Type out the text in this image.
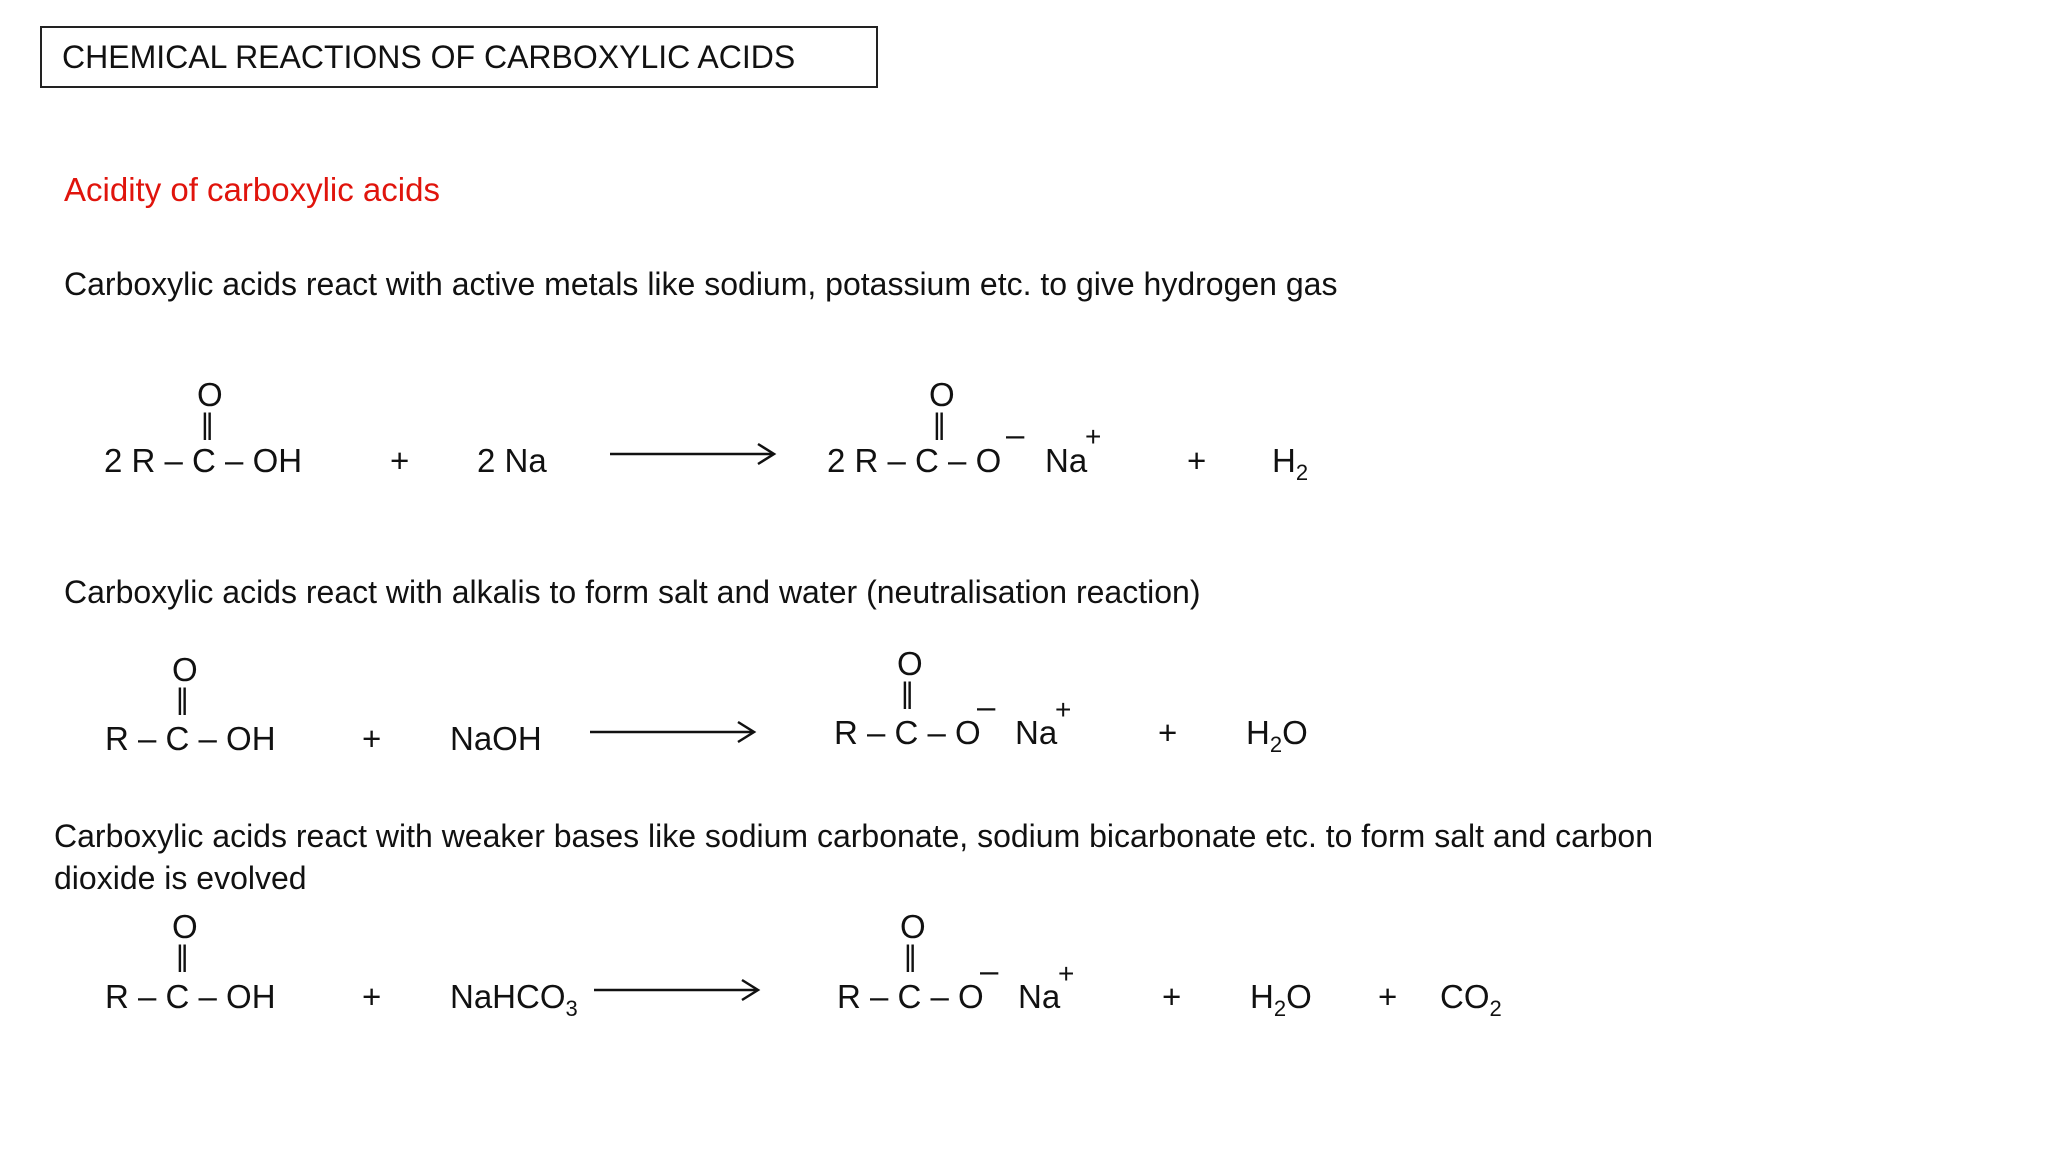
CHEMICAL REACTIONS OF CARBOXYLIC ACIDS
Acidity of carboxylic acids
Carboxylic acids react with active metals like sodium, potassium etc. to give hydrogen gas
O
||
2 R – C – OH	+ 2 Na
O
||
2 R – C – O
–
Na
+
+ $H_2$
Carboxylic acids react with alkalis to form salt and water (neutralisation reaction)
O
||
R – C – OH	+ NaOH
O
||
R – C – O
–
Na
+
+ $H_2O$
Carboxylic acids react with weaker bases like sodium carbonate, sodium bicarbonate etc. to form salt and carbon
dioxide is evolved
O
||
R – C – OH	+ NaHCO$_3$
O
||
R – C – O
–
Na
+
+ $H_2O + CO_2$
